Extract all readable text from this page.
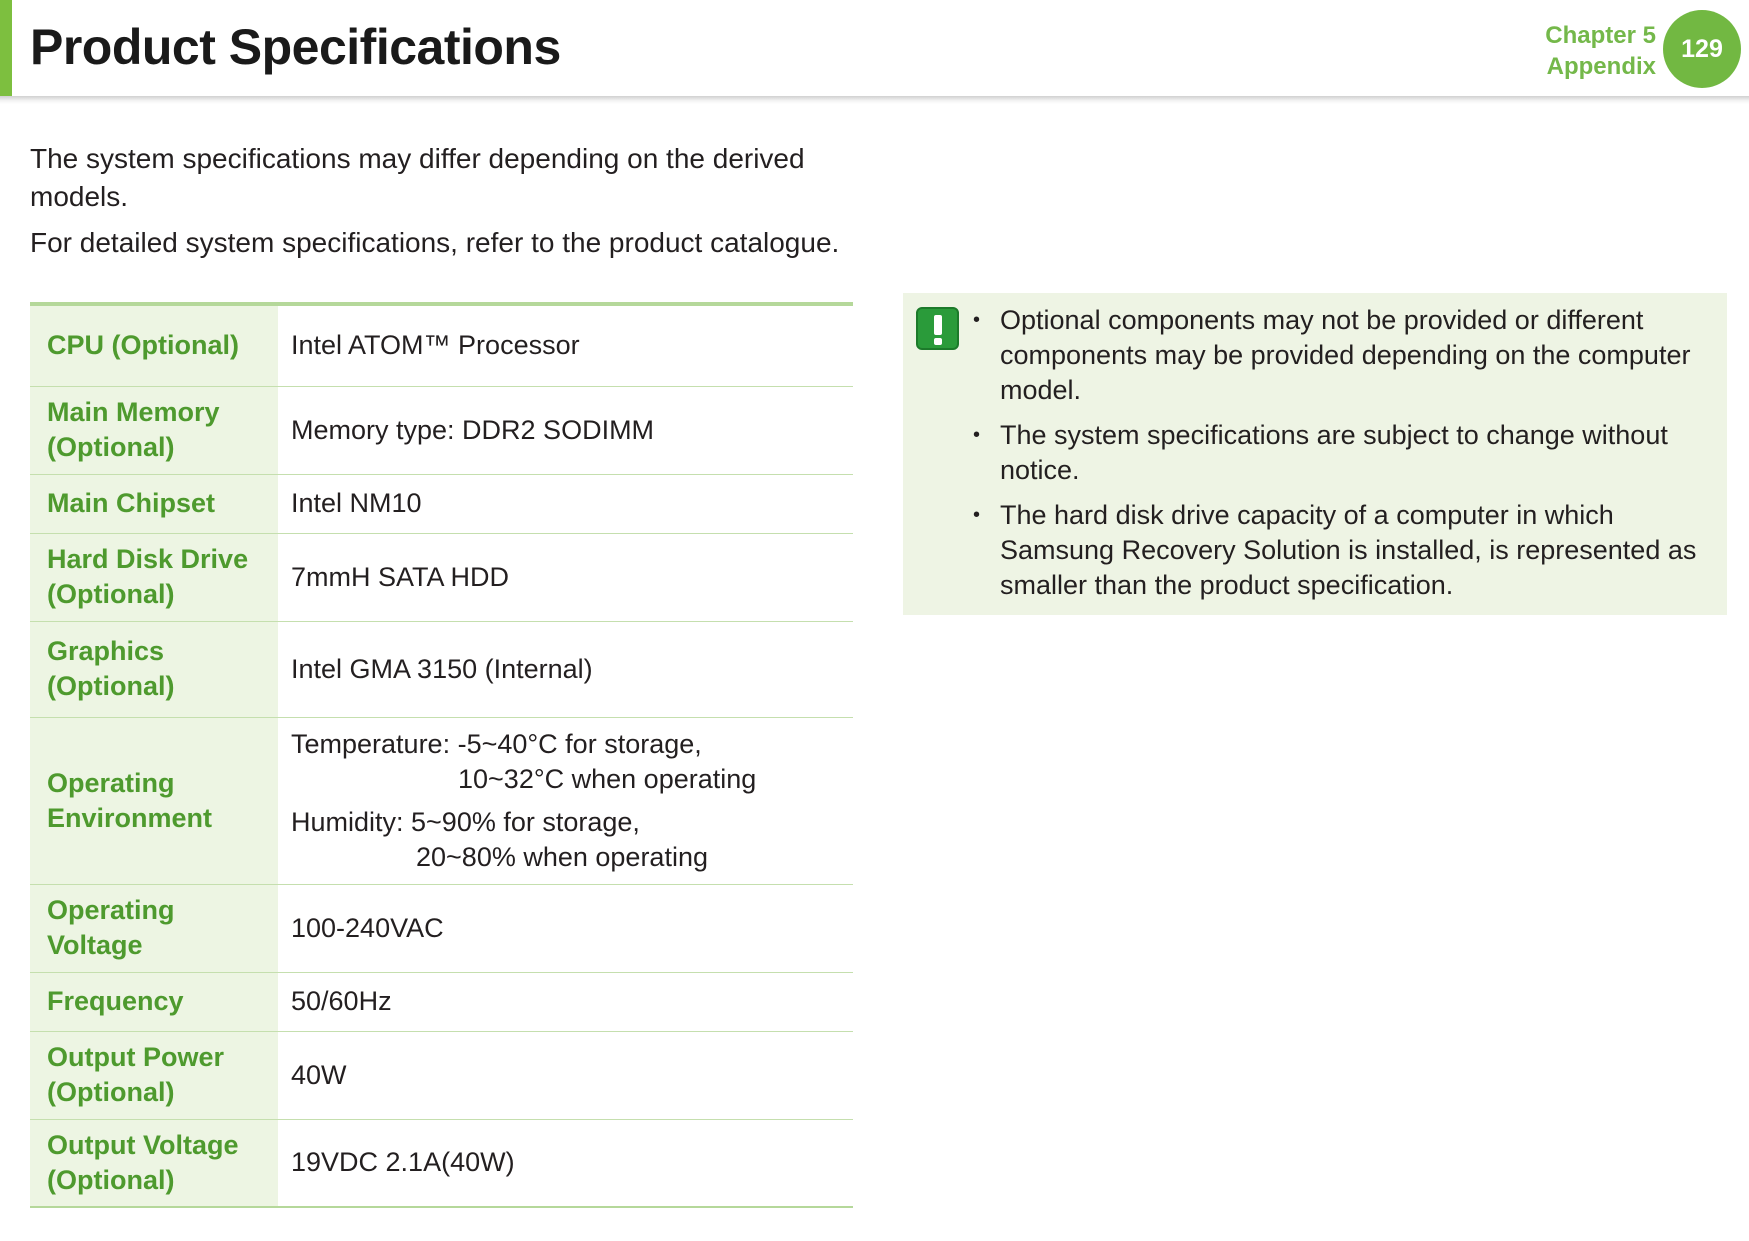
Product Specifications	Chapter 5
Appendix
129

The system specifications may differ depending on the derived models.

For detailed system specifications, refer to the product catalogue.

CPU (Optional)	Intel ATOM™ Processor
Main Memory (Optional)	Memory type: DDR2 SODIMM
Main Chipset	Intel NM10
Hard Disk Drive (Optional)	7mmH SATA HDD
Graphics (Optional)	Intel GMA 3150 (Internal)
Operating Environment	Temperature: -5~40°C for storage,
10~32°C when operating
Humidity: 5~90% for storage,
20~80% when operating

Operating Voltage	100-240VAC
Frequency	50/60Hz
Output Power (Optional)	40W
Output Voltage (Optional)	19VDC 2.1A(40W)
• Optional components may not be provided or different components may be provided depending on the computer model.
• The system specifications are subject to change without notice.
• The hard disk drive capacity of a computer in which Samsung Recovery Solution is installed, is represented as smaller than the product specification.
